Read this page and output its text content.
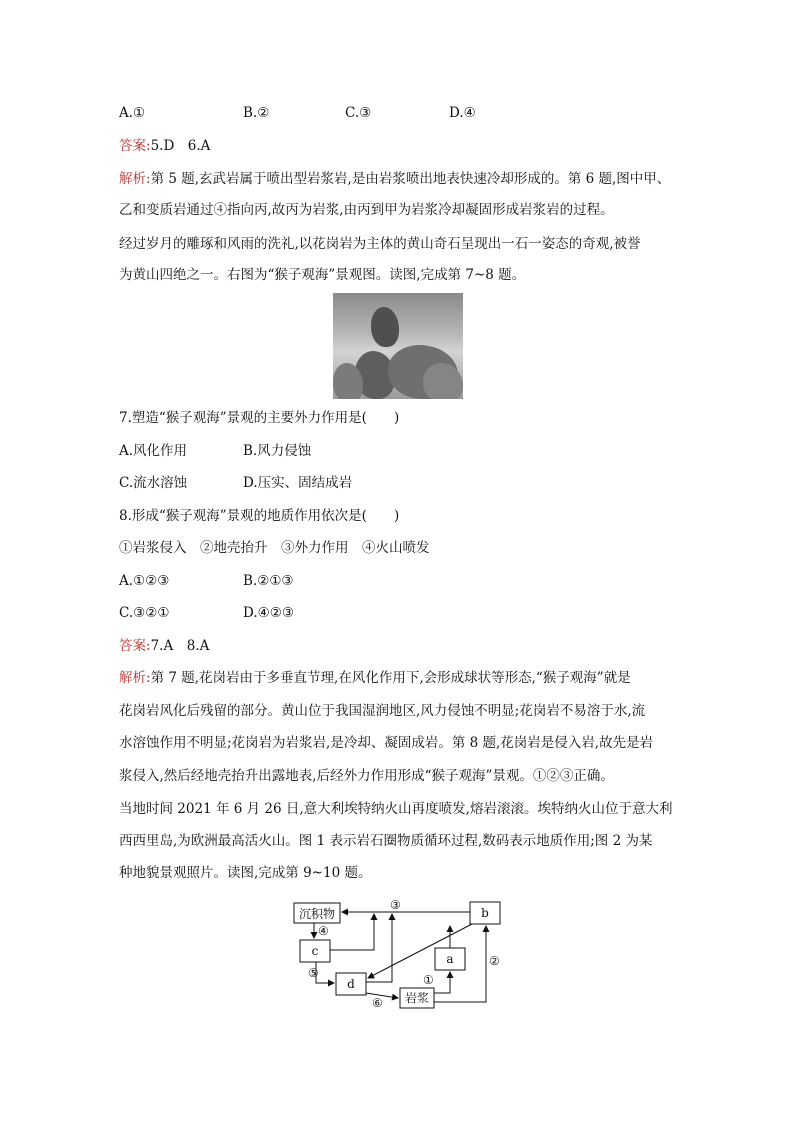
A.①	B.②	C.③	D.④
答案:5.D　6.A
解析:第 5 题,玄武岩属于喷出型岩浆岩,是由岩浆喷出地表快速冷却形成的。第 6 题,图中甲、
乙和变质岩通过④指向丙,故丙为岩浆,由丙到甲为岩浆冷却凝固形成岩浆岩的过程。
经过岁月的雕琢和风雨的洗礼,以花岗岩为主体的黄山奇石呈现出一石一姿态的奇观,被誉
为黄山四绝之一。右图为“猴子观海”景观图。读图,完成第 7~8 题。
7.塑造“猴子观海”景观的主要外力作用是(　　)
A.风化作用	B.风力侵蚀
C.流水溶蚀	D.压实、固结成岩
8.形成“猴子观海”景观的地质作用依次是(　　)
①岩浆侵入　②地壳抬升　③外力作用　④火山喷发
A.①②③	B.②①③
C.③②①	D.④②③
答案:7.A　8.A
解析:第 7 题,花岗岩由于多垂直节理,在风化作用下,会形成球状等形态,“猴子观海”就是
花岗岩风化后残留的部分。黄山位于我国湿润地区,风力侵蚀不明显;花岗岩不易溶于水,流
水溶蚀作用不明显;花岗岩为岩浆岩,是冷却、凝固成岩。第 8 题,花岗岩是侵入岩,故先是岩
浆侵入,然后经地壳抬升出露地表,后经外力作用形成“猴子观海”景观。①②③正确。
当地时间 2021 年 6 月 26 日,意大利埃特纳火山再度喷发,熔岩滚滚。埃特纳火山位于意大利
西西里岛,为欧洲最高活火山。图 1 表示岩石圈物质循环过程,数码表示地质作用;图 2 为某
种地貌景观照片。读图,完成第 9~10 题。
沉积物	b
c
a
d
岩浆
③
④
⑤
⑥
①
②
